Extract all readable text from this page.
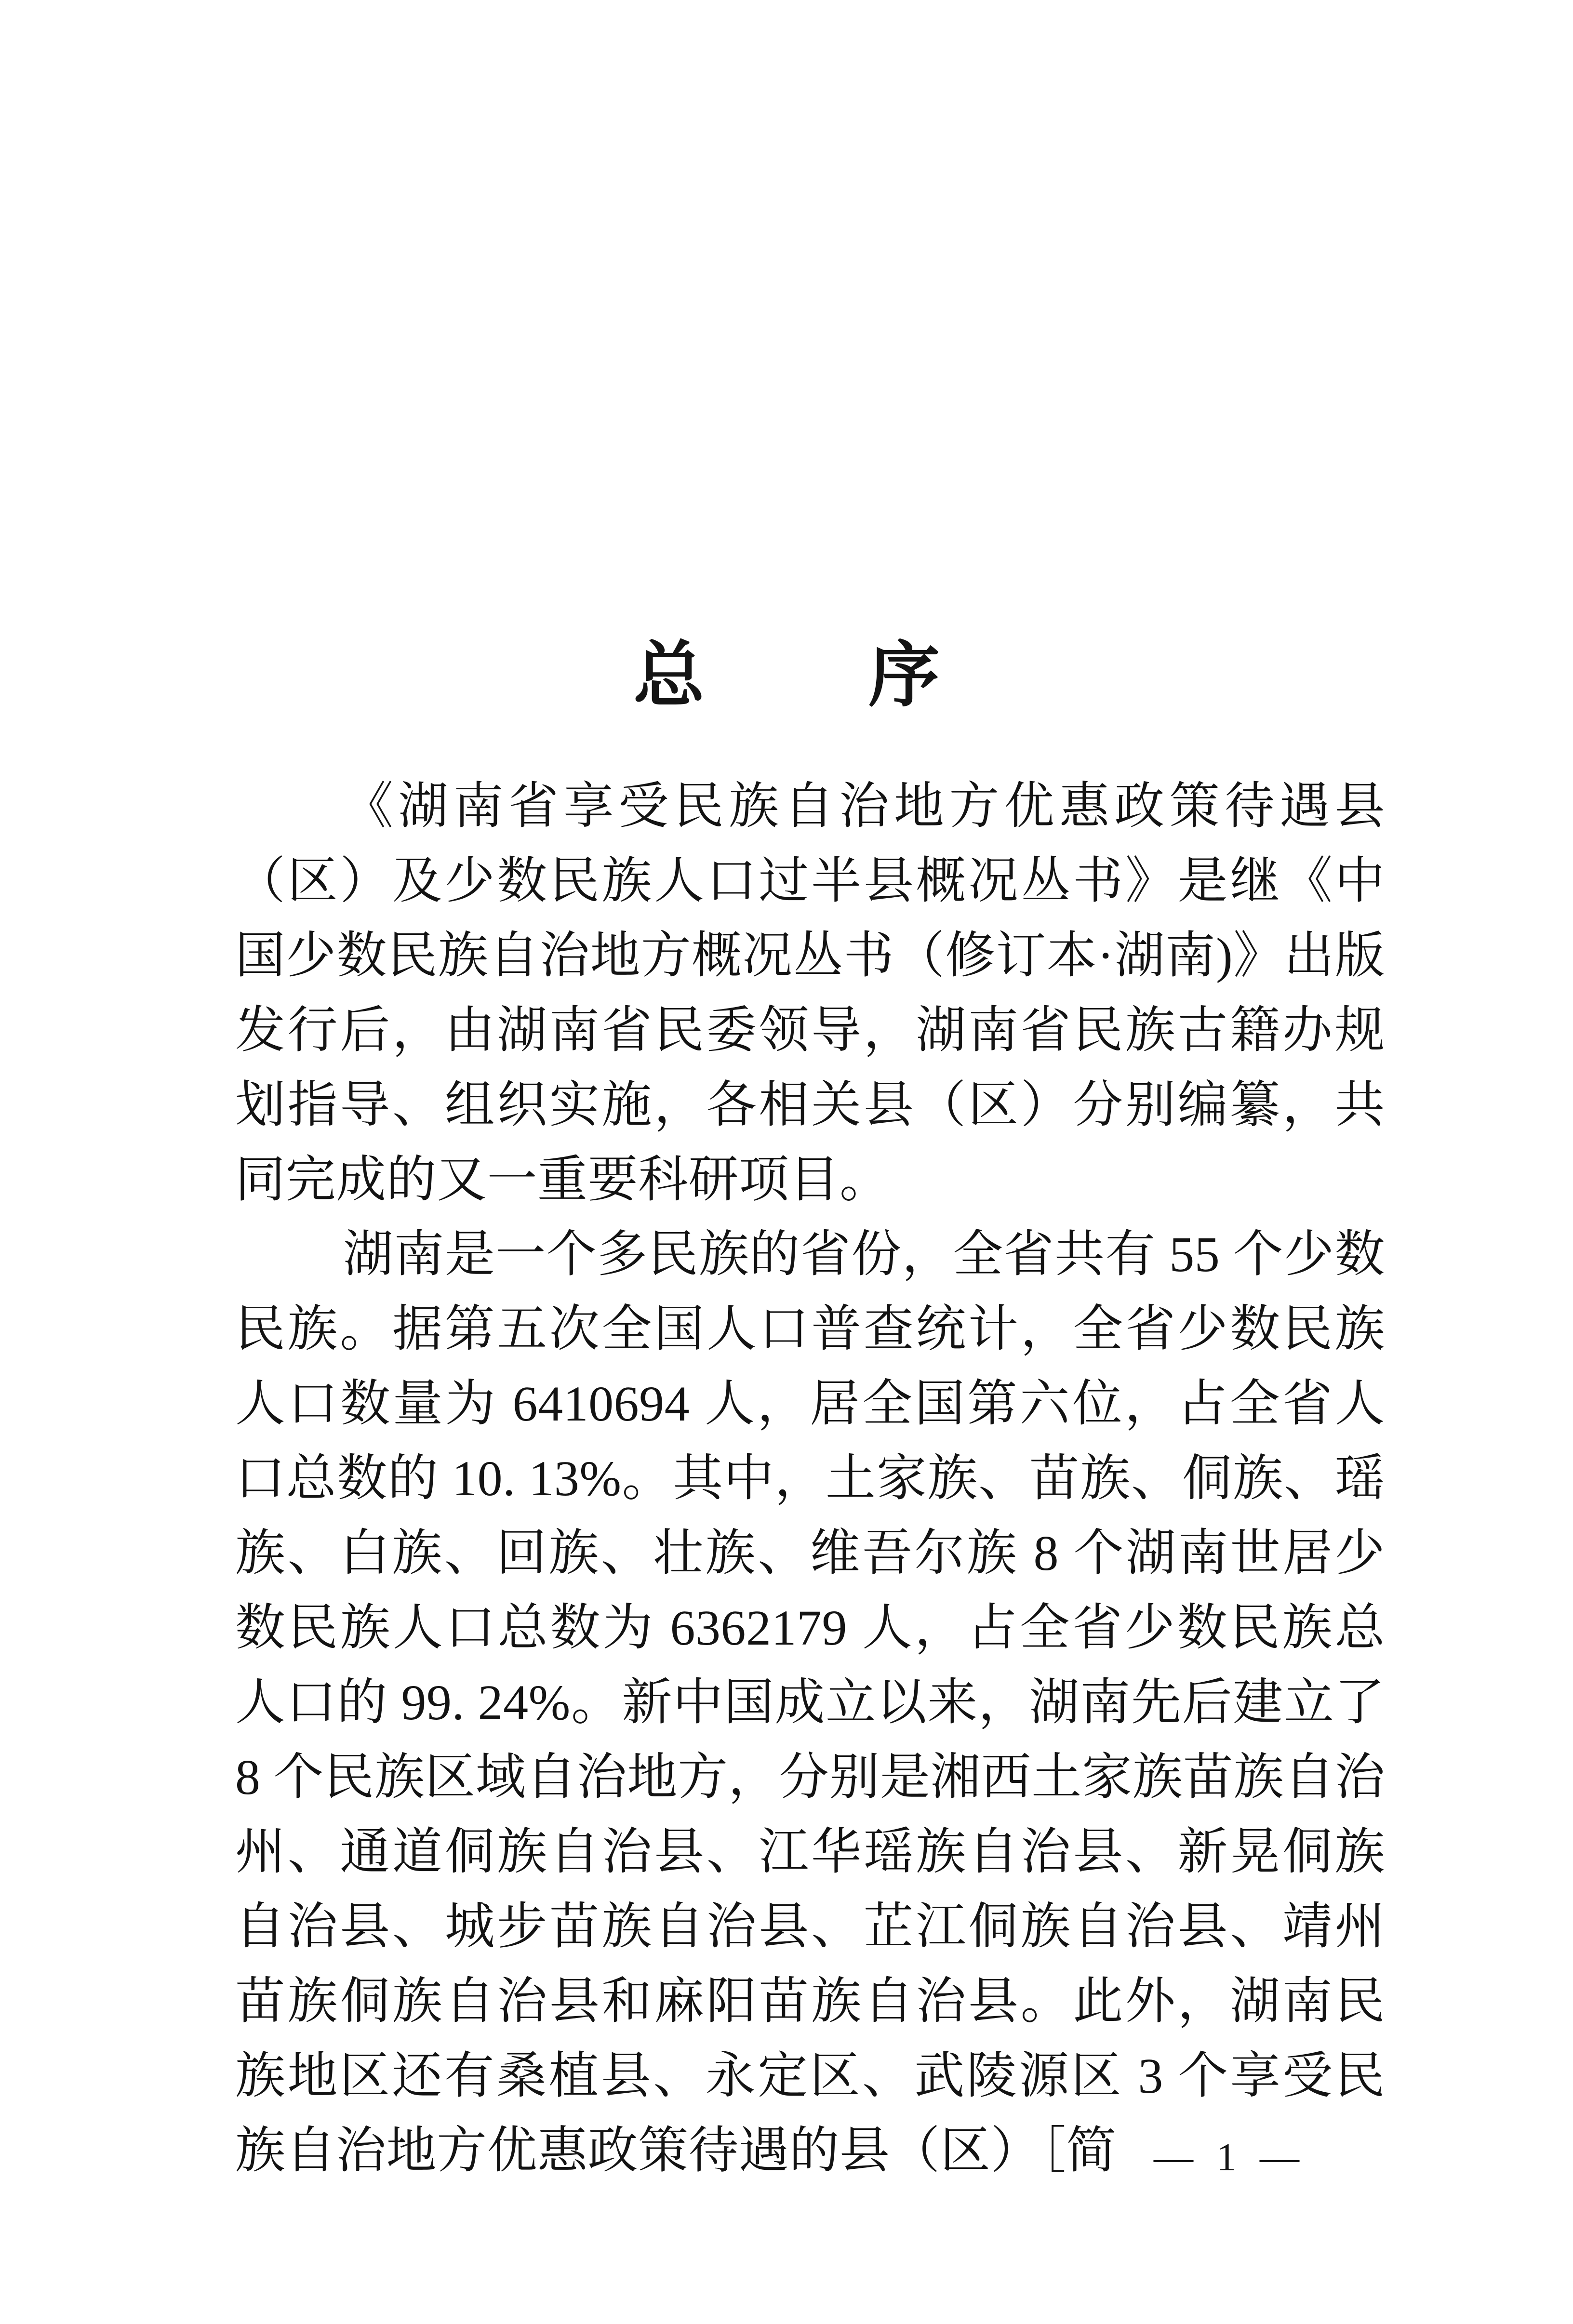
总　序

《湖南省享受民族自治地方优惠政策待遇县（区）及少数民族人口过半县概况丛书》是继《中国少数民族自治地方概况丛书（修订本·湖南)》出版发行后，由湖南省民委领导，湖南省民族古籍办规划指导、组织实施，各相关县（区）分别编纂，共同完成的又一重要科研项目。

湖南是一个多民族的省份，全省共有 55 个少数民族。据第五次全国人口普查统计，全省少数民族人口数量为 6410694 人，居全国第六位，占全省人口总数的 10. 13%。其中，土家族、苗族、侗族、瑶族、白族、回族、壮族、维吾尔族 8 个湖南世居少数民族人口总数为 6362179 人，占全省少数民族总人口的 99. 24%。新中国成立以来，湖南先后建立了 8 个民族区域自治地方，分别是湘西土家族苗族自治州、通道侗族自治县、江华瑶族自治县、新晃侗族自治县、城步苗族自治县、芷江侗族自治县、靖州苗族侗族自治县和麻阳苗族自治县。此外，湖南民族地区还有桑植县、永定区、武陵源区 3 个享受民族自治地方优惠政策待遇的县（区）［简 — 1 —
